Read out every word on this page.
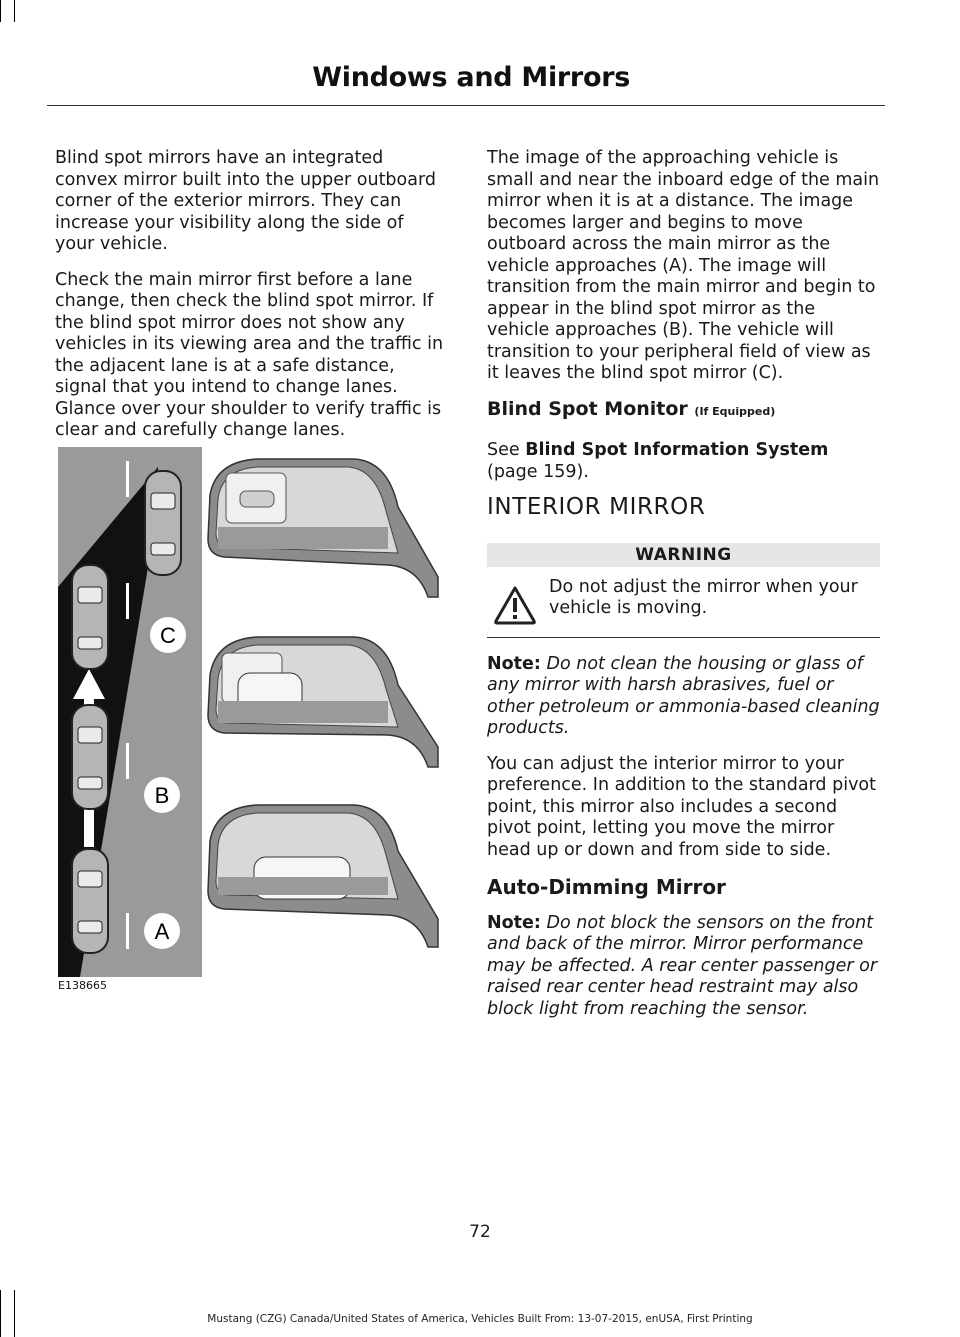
Windows and Mirrors

Blind spot mirrors have an integrated convex mirror built into the upper outboard corner of the exterior mirrors. They can increase your visibility along the side of your vehicle.

Check the main mirror first before a lane change, then check the blind spot mirror. If the blind spot mirror does not show any vehicles in its viewing area and the traffic in the adjacent lane is at a safe distance, signal that you intend to change lanes. Glance over your shoulder to verify traffic is clear and carefully change lanes.

C
B
A
E138665

The image of the approaching vehicle is small and near the inboard edge of the main mirror when it is at a distance. The image becomes larger and begins to move outboard across the main mirror as the vehicle approaches (A). The image will transition from the main mirror and begin to appear in the blind spot mirror as the vehicle approaches (B). The vehicle will transition to your peripheral field of view as it leaves the blind spot mirror (C).

Blind Spot Monitor (If Equipped)

See Blind Spot Information System
(page 159).

INTERIOR MIRROR
WARNING
Do not adjust the mirror when your vehicle is moving.

Note: Do not clean the housing or glass of any mirror with harsh abrasives, fuel or other petroleum or ammonia-based cleaning products.

You can adjust the interior mirror to your preference. In addition to the standard pivot point, this mirror also includes a second pivot point, letting you move the mirror head up or down and from side to side.

Auto-Dimming Mirror

Note: Do not block the sensors on the front and back of the mirror. Mirror performance may be affected. A rear center passenger or raised rear center head restraint may also block light from reaching the sensor.

72
Mustang (CZG) Canada/United States of America, Vehicles Built From: 13-07-2015, enUSA, First Printing
